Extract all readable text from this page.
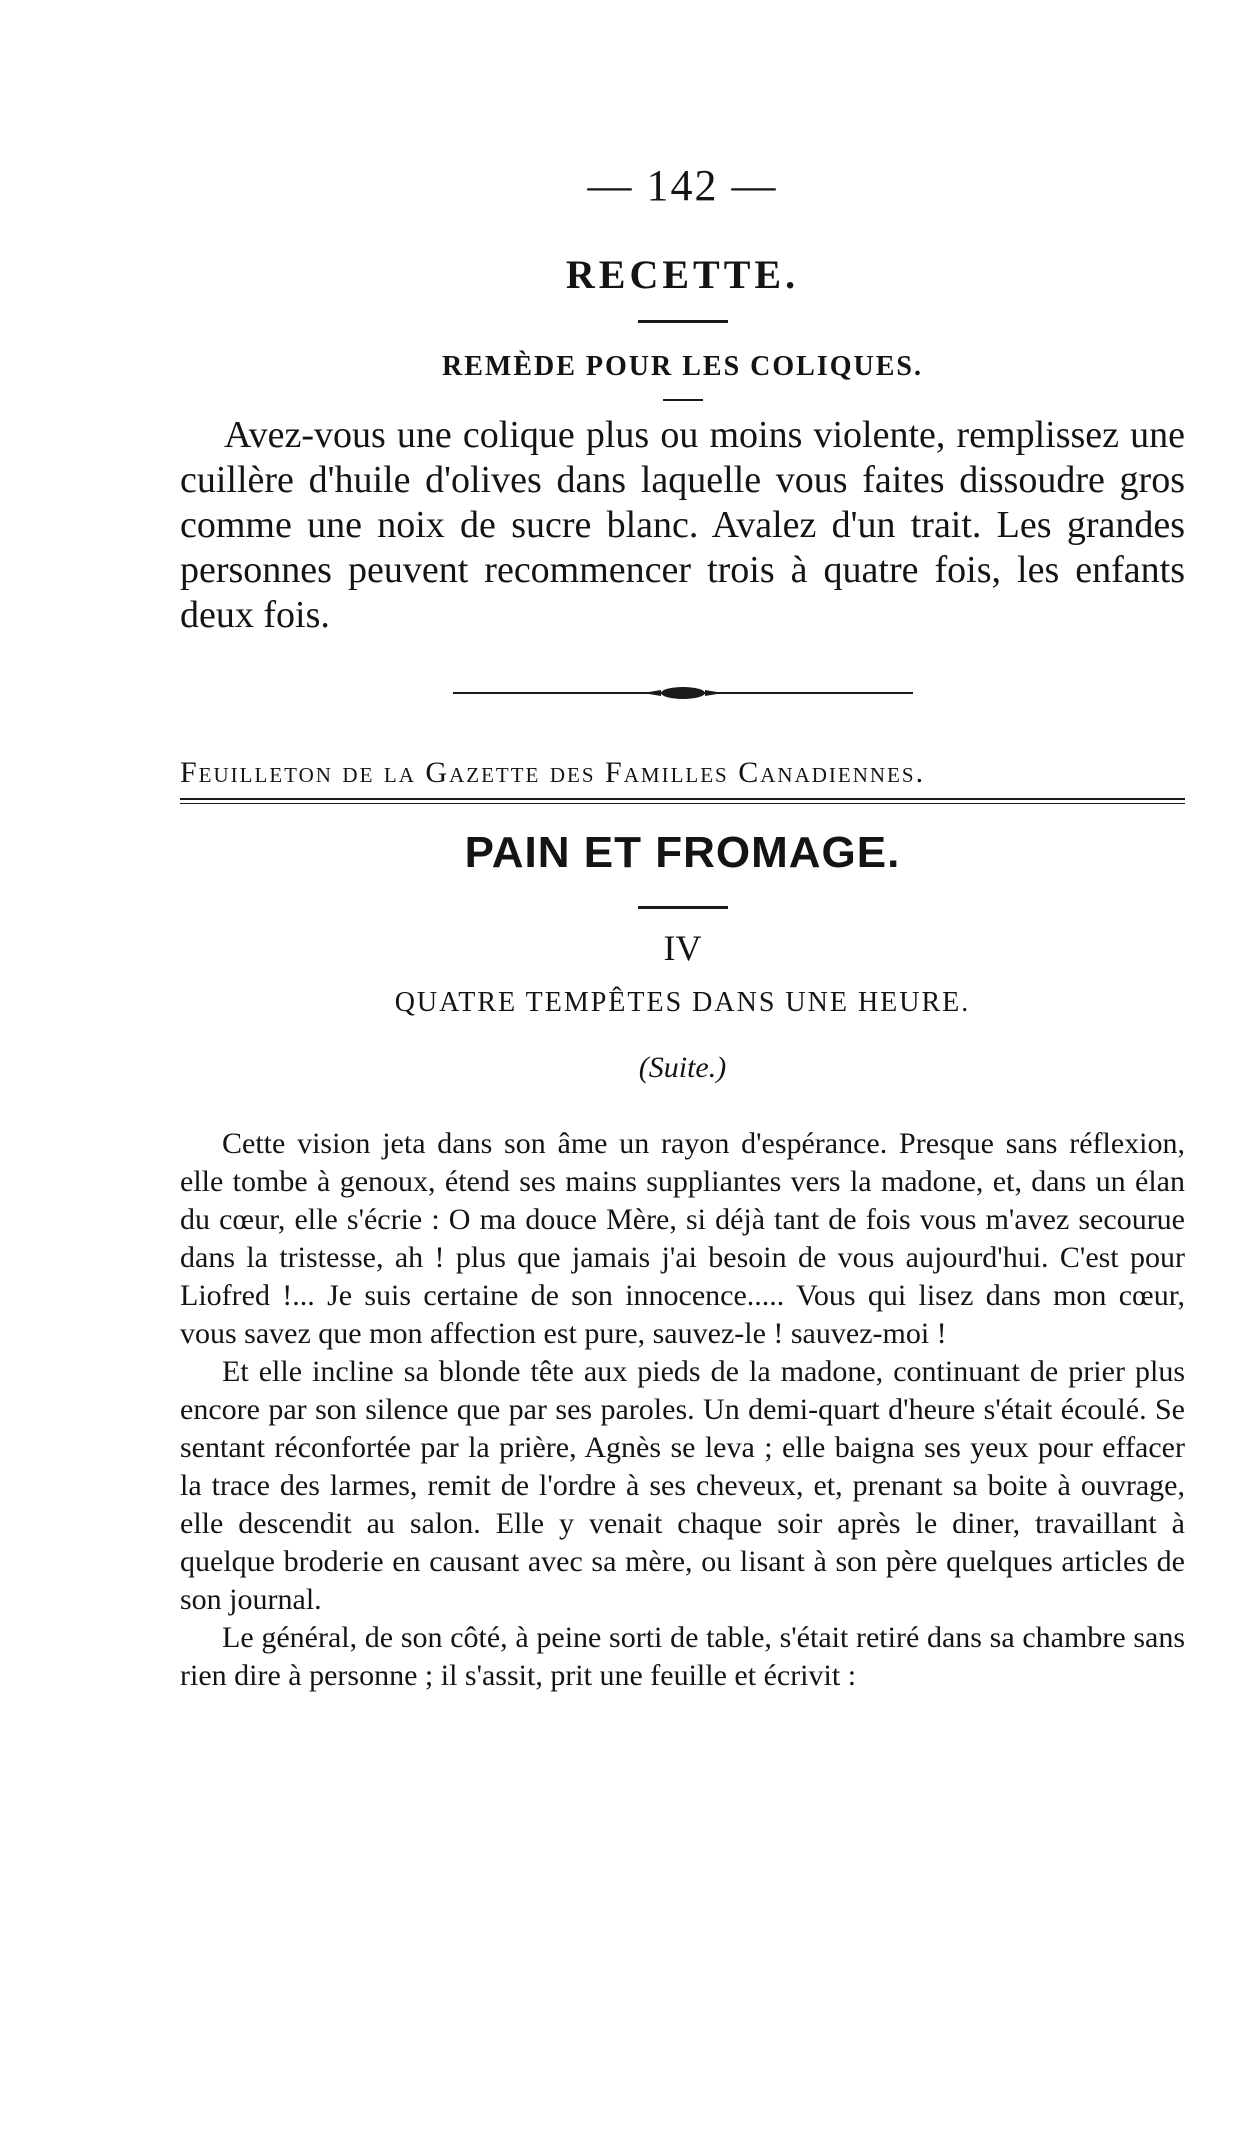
— 142 —
RECETTE.
REMÈDE POUR LES COLIQUES.

Avez-vous une colique plus ou moins violente, remplissez une cuillère d'huile d'olives dans laquelle vous faites dissoudre gros comme une noix de sucre blanc. Avalez d'un trait. Les grandes personnes peuvent recommencer trois à quatre fois, les enfants deux fois.

Feuilleton de la Gazette des Familles Canadiennes.
PAIN ET FROMAGE.
IV
QUATRE TEMPÊTES DANS UNE HEURE.
(Suite.)

Cette vision jeta dans son âme un rayon d'espérance. Presque sans réflexion, elle tombe à genoux, étend ses mains suppliantes vers la madone, et, dans un élan du cœur, elle s'écrie : O ma douce Mère, si déjà tant de fois vous m'avez secourue dans la tristesse, ah ! plus que jamais j'ai besoin de vous aujourd'hui. C'est pour Liofred !... Je suis certaine de son innocence..... Vous qui lisez dans mon cœur, vous savez que mon affection est pure, sauvez-le ! sauvez-moi !

Et elle incline sa blonde tête aux pieds de la madone, continuant de prier plus encore par son silence que par ses paroles. Un demi-quart d'heure s'était écoulé. Se sentant réconfortée par la prière, Agnès se leva ; elle baigna ses yeux pour effacer la trace des larmes, remit de l'ordre à ses cheveux, et, prenant sa boite à ouvrage, elle descendit au salon. Elle y venait chaque soir après le diner, travaillant à quelque broderie en causant avec sa mère, ou lisant à son père quelques articles de son journal.

Le général, de son côté, à peine sorti de table, s'était retiré dans sa chambre sans rien dire à personne ; il s'assit, prit une feuille et écrivit :
